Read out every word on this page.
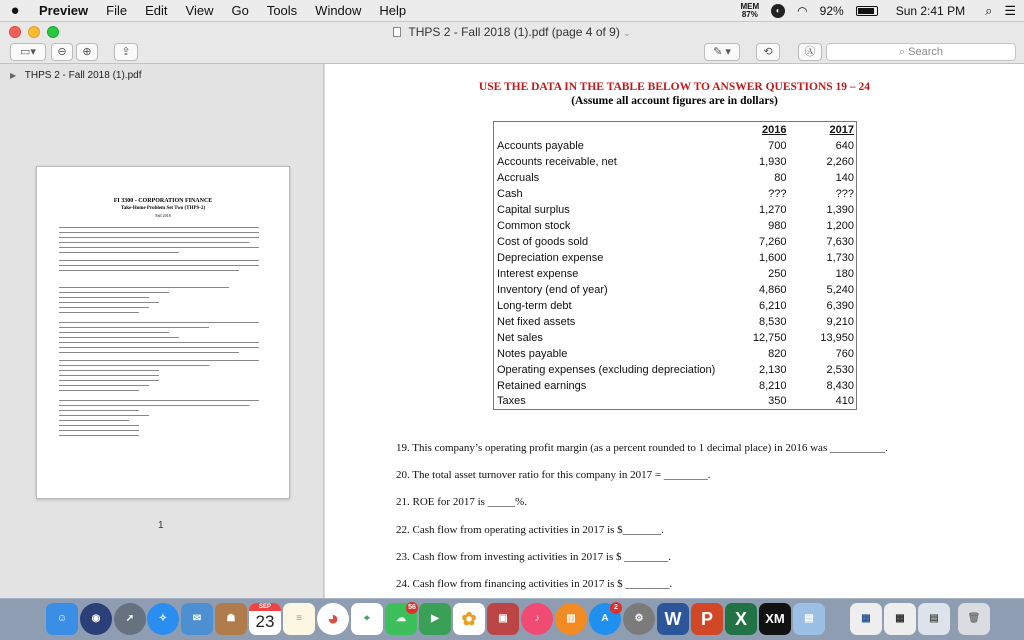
●	Preview	File	Edit	View	Go	Tools	Window	Help	MEM
87%	◐	◠ 92%	Sun 2:41 PM ⌕ ☰
THPS 2 - Fall 2018 (1).pdf (page 4 of 9) ⌄
▭▾	⊖	⊕	⇪	✎ ▾	⟲	Ⓐ	⌕ Search
▶ THPS 2 - Fall 2018 (1).pdf
FI 3300 - CORPORATION FINANCE
Take-Home Problem Set Two (THPS-2)
Fall 2018
1
USE THE DATA IN THE TABLE BELOW TO ANSWER QUESTIONS 19 – 24
(Assume all account figures are in dollars)
	2016	2017
Accounts payable	700	640
Accounts receivable, net	1,930	2,260
Accruals	80	140
Cash	???	???
Capital surplus	1,270	1,390
Common stock	980	1,200
Cost of goods sold	7,260	7,630
Depreciation expense	1,600	1,730
Interest expense	250	180
Inventory (end of year)	4,860	5,240
Long-term debt	6,210	6,390
Net fixed assets	8,530	9,210
Net sales	12,750	13,950
Notes payable	820	760
Operating expenses (excluding depreciation)	2,130	2,530
Retained earnings	8,210	8,430
Taxes	350	410
19. This company’s operating profit margin (as a percent rounded to 1 decimal place) in 2016 was __________.
20. The total asset turnover ratio for this company in 2017 = ________.
21. ROE for 2017 is _____%.
22. Cash flow from operating activities in 2017 is $_______.
23. Cash flow from investing activities in 2017 is $ ________.
24. Cash flow from financing activities in 2017 is $ ________.
☺	◉	➚	✧	✉	☗
SEP
23	≡	◕	⌖	☁
56
▶	✿	▣	♪	▥	A
2
⚙	W	P	X	XM	▤	▦	▦	▤	🗑
